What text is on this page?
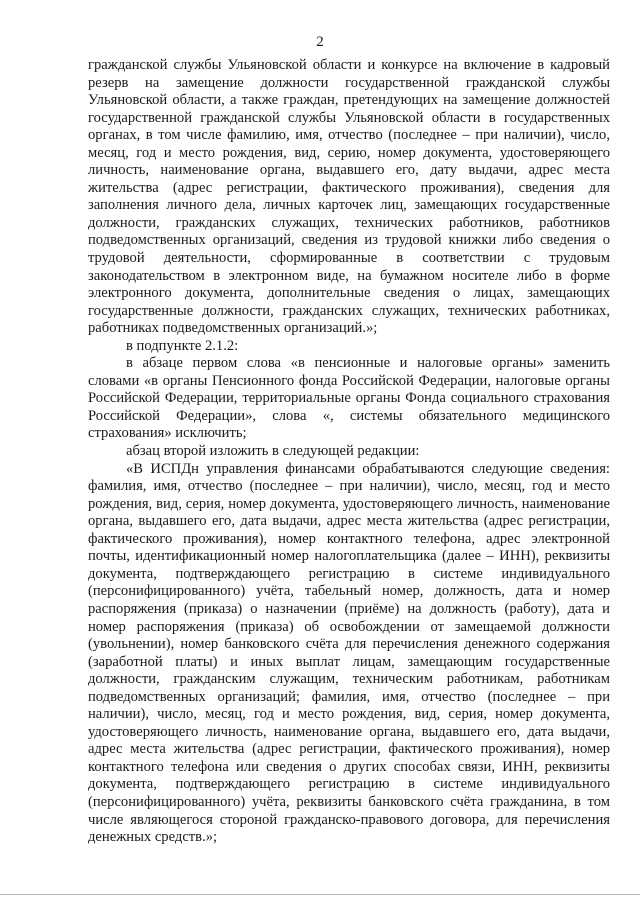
2

гражданской службы Ульяновской области и конкурсе на включение в кадровый резерв на замещение должности государственной гражданской службы Ульяновской области, а также граждан, претендующих на замещение должностей государственной гражданской службы Ульяновской области в государственных органах, в том числе фамилию, имя, отчество (последнее – при наличии), число, месяц, год и место рождения, вид, серию, номер документа, удостоверяющего личность, наименование органа, выдавшего его, дату выдачи, адрес места жительства (адрес регистрации, фактического проживания), сведения для заполнения личного дела, личных карточек лиц, замещающих государственные должности, гражданских служащих, технических работников, работников подведомственных организаций, сведения из трудовой книжки либо сведения о трудовой деятельности, сформированные в соответствии с трудовым законодательством в электронном виде, на бумажном носителе либо в форме электронного документа, дополнительные сведения о лицах, замещающих государственные должности, гражданских служащих, технических работниках, работниках подведомственных организаций.»;

в подпункте 2.1.2:

в абзаце первом слова «в пенсионные и налоговые органы» заменить словами «в органы Пенсионного фонда Российской Федерации, налоговые органы Российской Федерации, территориальные органы Фонда социального страхования Российской Федерации», слова «, системы обязательного медицинского страхования» исключить;

абзац второй изложить в следующей редакции:

«В ИСПДн управления финансами обрабатываются следующие сведения: фамилия, имя, отчество (последнее – при наличии), число, месяц, год и место рождения, вид, серия, номер документа, удостоверяющего личность, наименование органа, выдавшего его, дата выдачи, адрес места жительства (адрес регистрации, фактического проживания), номер контактного телефона, адрес электронной почты, идентификационный номер налогоплательщика (далее – ИНН), реквизиты документа, подтверждающего регистрацию в системе индивидуального (персонифицированного) учёта, табельный номер, должность, дата и номер распоряжения (приказа) о назначении (приёме) на должность (работу), дата и номер распоряжения (приказа) об освобождении от замещаемой должности (увольнении), номер банковского счёта для перечисления денежного содержания (заработной платы) и иных выплат лицам, замещающим государственные должности, гражданским служащим, техническим работникам, работникам подведомственных организаций; фамилия, имя, отчество (последнее – при наличии), число, месяц, год и место рождения, вид, серия, номер документа, удостоверяющего личность, наименование органа, выдавшего его, дата выдачи, адрес места жительства (адрес регистрации, фактического проживания), номер контактного телефона или сведения о других способах связи, ИНН, реквизиты документа, подтверждающего регистрацию в системе индивидуального (персонифицированного) учёта, реквизиты банковского счёта гражданина, в том числе являющегося стороной гражданско-правового договора, для перечисления денежных средств.»;
